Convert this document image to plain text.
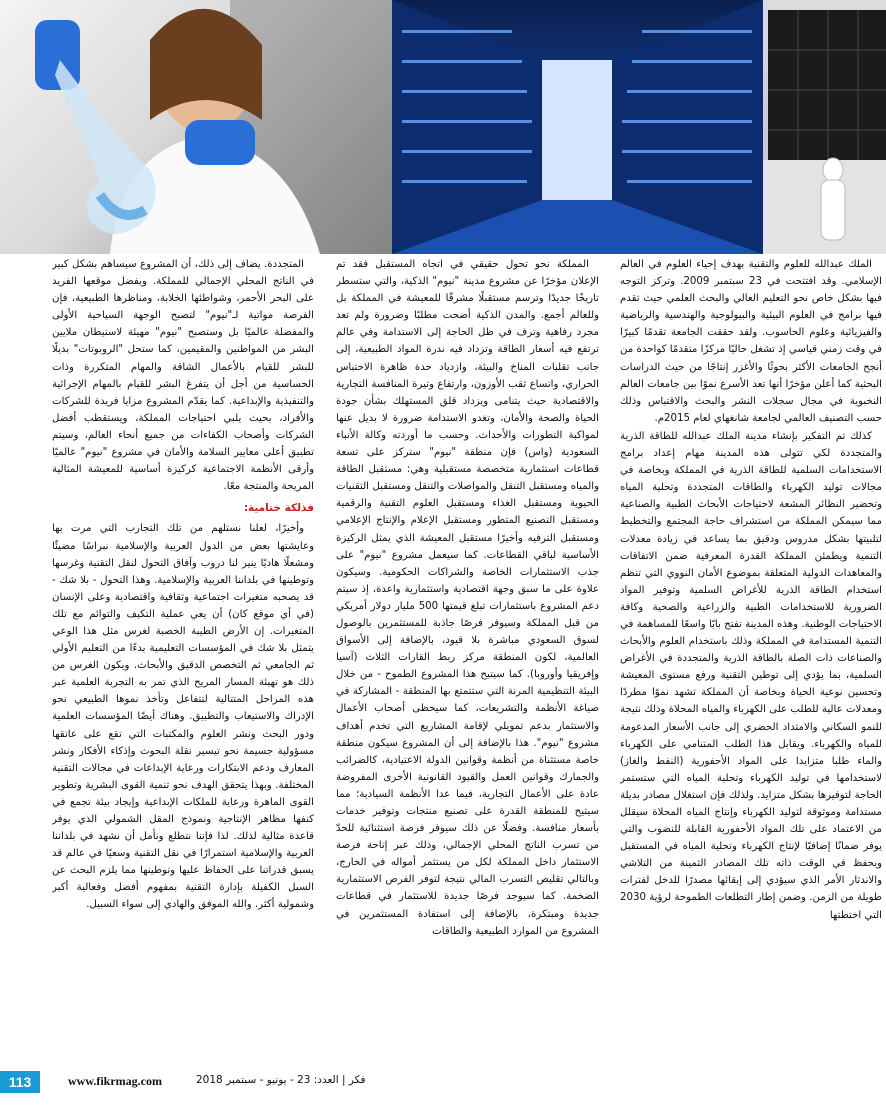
الملك عبدالله للعلوم والتقنية بهدف إحياء العلوم في العالم الإسلامي. وقد افتتحت في 23 سبتمبر 2009. وتركز التوجه فيها بشكل خاص نحو التعليم العالي والبحث العلمي حيث تقدم فيها برامج في العلوم البيئية والبيولوجية والهندسية والرياضية والفيزيائية وعلوم الحاسوب. ولقد حققت الجامعة تقدمًا كبيرًا في وقت زمني قياسي إذ تشغل حاليًا مركزًا متقدمًا كواحدة من أنجح الجامعات الأكثر بحوثًا والأغزر إنتاجًا من حيث الدراسات البحثية كما أعلن مؤخرًا أنها تعد الأسرع نموًا بين جامعات العالم النخبوية في مجال سجلات النشر والبحث والاقتباس وذلك حسب التصنيف العالمي لجامعة شانغهاي لعام 2015م.

كذلك تم التفكير بإنشاء مدينة الملك عبدالله للطاقة الذرية والمتجددة لكي تتولى هذه المدينة مهام إعداد برامج الاستخدامات السلمية للطاقة الذرية في المملكة وبخاصة في مجالات توليد الكهرباء والطاقات المتجددة وتحلية المياه وتحضير النظائر المشعة لاحتياجات الأبحاث الطبية والصناعية مما سيمكن المملكة من استشراف حاجة المجتمع والتخطيط لتلبيتها بشكل مدروس ودقيق بما يساعد في زيادة معدلات التنمية ويطمئن المملكة القدرة المعرفية ضمن الاتفاقات والمعاهدات الدولية المتعلقة بموضوع الأمان النووي التي تنظم استخدام الطاقة الذرية للأغراض السلمية وتوفير المواد الضرورية للاستخدامات الطبية والزراعية والصحية وكافة الاحتياجات الوطنية. وهذه المدينة تفتح بابًا واسعًا للمساهمة في التنمية المستدامة في المملكة وذلك باستخدام العلوم والأبحاث والصناعات ذات الصلة بالطاقة الذرية والمتجددة في الأغراض السلمية، بما يؤدي إلى توطين التقنية ورفع مستوى المعيشة وتحسين نوعية الحياة وبخاصة أن المملكة تشهد نموًا مطردًا ومعدلات عالية للطلب على الكهرباء والمياه المحلاة وذلك نتيجة للنمو السكاني والامتداد الحضري إلى جانب الأسعار المدعومة للمياه والكهرباء. ويقابل هذا الطلب المتنامي على الكهرباء والماء طلبا متزايدا على المواد الأحفورية (النفط والغاز) لاستخدامها في توليد الكهرباء وتحلية المياه التي ستستمر الحاجة لتوفيرها بشكل متزايد. ولذلك فإن استغلال مصادر بديلة مستدامة وموثوقة لتوليد الكهرباء وإنتاج المياه المحلاة سيقلل من الاعتماد على تلك المواد الأحفورية القابلة للنضوب والتي يوفر ضمانًا إضافيًا لإنتاج الكهرباء وتحلية المياه في المستقبل ويحفظ في الوقت ذاته تلك المصادر الثمينة من التلاشي والاندثار الأمر الذي سيؤدي إلى إبقائها مصدرًا للدخل لفترات طويلة من الزمن. وضمن إطار التطلعات الطموحة لرؤية 2030 التي اختطتها

المملكة نحو تحول حقيقي في اتجاه المستقبل فقد تم الإعلان مؤخرًا عن مشروع مدينة "نيوم" الذكية، والتي ستسطر تاريخًا جديدًا وترسم مستقبلًا مشرقًا للمعيشة في المملكة بل وللعالم أجمع. والمدن الذكية أضحت مطلبًا وضرورة ولم تعد مجرد رفاهية وترف في ظل الحاجة إلى الاستدامة وفي عالم ترتفع فيه أسعار الطاقة وتزداد فيه ندرة المواد الطبيعية، إلى جانب تقلبات المناخ والبيئة، وازدياد حدة ظاهرة الاحتباس الحراري، واتساع ثقب الأوزون، وارتفاع وتيرة المنافسة التجارية والاقتصادية حيث يتنامى ويزداد قلق المستهلك بشأن جودة الحياة والصحة والأمان، وتغدو الاستدامة ضرورة لا بديل عنها لمواكبة التطورات والأحداث. وحسب ما أوردته وكالة الأنباء السعودية (واس) فإن منطقة "نيوم" ستركز على تسعة قطاعات استثمارية متخصصة مستقبلية وهي: مستقبل الطاقة والمياه ومستقبل التنقل والمواصلات والتنقل ومستقبل التقنيات الحيوية ومستقبل الغذاء ومستقبل العلوم التقنية والرقمية ومستقبل التصنيع المتطور ومستقبل الإعلام والإنتاج الإعلامي ومستقبل الترفيه وأخيرًا مستقبل المعيشة الذي يمثل الركيزة الأساسية لباقي القطاعات. كما سيعمل مشروع "نيوم" على جذب الاستثمارات الخاصة والشراكات الحكومية. وسيكون علاوة على ما سبق وجهة اقتصادية واستثمارية واعدة، إذ سيتم دعم المشروع باستثمارات تبلغ قيمتها 500 مليار دولار أمريكي من قبل المملكة وسيوفر فرصًا جاذبة للمستثمرين بالوصول لسوق السعودي مباشرة بلا قيود، بالإضافة إلى الأسواق العالمية، لكون المنطقة مركز ربط القارات الثلاث (آسيا وإفريقيا وأوروبا). كما سيتيح هذا المشروع الطموح - من خلال البيئة التنظيمية المرنة التي ستتمتع بها المنطقة - المشاركة في صياغة الأنظمة والتشريعات، كما سيحظى أصحاب الأعمال والاستثمار بدعم تمويلي لإقامة المشاريع التي تخدم أهداف مشروع "نيوم". هذا بالإضافة إلى أن المشروع سيكون منطقة خاصة مستثناة من أنظمة وقوانين الدولة الاعتيادية، كالضرائب والجمارك وقوانين العمل والقيود القانونية الأخرى المفروضة عادة على الأعمال التجارية، فيما عدا الأنظمة السيادية؛ مما سيتيح للمنطقة القدرة على تصنيع منتجات وتوفير خدمات بأسعار منافسة. وفضلًا عن ذلك سيوفر فرصة استثنائية للحدّ من تسرب الناتج المحلي الإجمالي، وذلك عبر إتاحة فرصة الاستثمار داخل المملكة لكل من يستثمر أمواله في الخارج، وبالتالي تقليص التسرب المالي نتيجة لتوفر الفرص الاستثمارية الضخمة. كما سيوجد فرصًا جديدة للاستثمار في قطاعات جديدة ومبتكرة، بالإضافة إلى استفادة المستثمرين في المشروع من الموارد الطبيعية والطاقات

المتجددة. يضاف إلى ذلك، أن المشروع سيساهم بشكل كبير في الناتج المحلي الإجمالي للمملكة. ويفضل موقعها الفريد على البحر الأحمر، وشواطئها الخلابة، ومناظرها الطبيعية، فإن الفرصة مواتية لـ"نيوم" لتصبح الوجهة السياحية الأولى والمفضلة عالميًا بل وستصبح "نيوم" مهيئة لاستيطان ملايين البشر من المواطنين والمقيمين، كما ستحل "الروبوتات" بديلًا للبشر للقيام بالأعمال الشاقة والمهام المتكررة وذات الحساسية من أجل أن يتفرغ البشر للقيام بالمهام الإجرائية والتنفيذية والإبداعية. كما يقدّم المشروع مزايا فريدة للشركات والأفراد، بحيث يلبي احتياجات المملكة، ويستقطب أفضل الشركات وأصحاب الكفاءات من جميع أنحاء العالم، وسيتم تطبيق أعلى معايير السلامة والأمان في مشروع "نيوم" عالميًا وأرقى الأنظمة الاجتماعية كركيزة أساسية للمعيشة المثالية المريحة والمنتجة معًا.

فذلكة ختامية:

وأخيرًا، لعلنا نستلهم من تلك التجارب التي مرت بها وعايشتها بعض من الدول العربية والإسلامية نبراسًا مضيئًا ومشعلًا هاديًا ينير لنا دروب وآفاق التحول لنقل التقنية وغرسها وتوطينها في بلداننا العربية والإسلامية. وهذا التحول - بلا شك - قد يصحبه متغيرات اجتماعية وثقافية واقتصادية وعلى الإنسان (في أي موقع كان) أن يعي عملية التكيف والتوائم مع تلك المتغيرات. إن الأرض الطيبة الخصبة لغرس مثل هذا الوعي يتمثل بلا شك في المؤسسات التعليمية بدءًا من التعليم الأولي ثم الجامعي ثم التخصص الدقيق والأبحاث. ويكون الغرس من ذلك هو تهيئة المسار المريح الذي تمر به التجربة العلمية عبر هذه المراحل المتتالية لتتفاعل وتأخذ نموها الطبيعي نحو الإدراك والاستيعاب والتطبيق. وهناك أيضًا المؤسسات العلمية ودور البحث ونشر العلوم والمكتبات التي تقع على عاتقها مسؤولية جسيمة نحو تيسير نقلة البحوث وإذكاء الأفكار ونشر المعارف ودعم الابتكارات ورعاية الإبداعات في مجالات التقنية المختلفة. وبهذا يتحقق الهدف نحو تنمية القوى البشرية وتطوير القوى الماهرة ورعاية للملكات الإبداعية وإيجاد بيئة تجمع في كنفها مظاهر الإنتاجية ونموذج المقل الشمولي الذي يوفر قاعدة مثالية لذلك. لذا فإننا نتطلع ونأمل أن نشهد في بلداننا العربية والإسلامية استمرارًا في نقل التقنية وسعيًا في عالم قد يسبق قدراتنا على الحفاظ عليها وتوطينها مما يلزم البحث عن السبل الكفيلة بإدارة التقنية بمفهوم أفضل وفعالية أكبر وشمولية أكثر. والله الموفق والهادي إلى سواء السبيل.

113	www.fikrmag.com	فكر | العدد: 23 - يونيو - سبتمبر 2018
